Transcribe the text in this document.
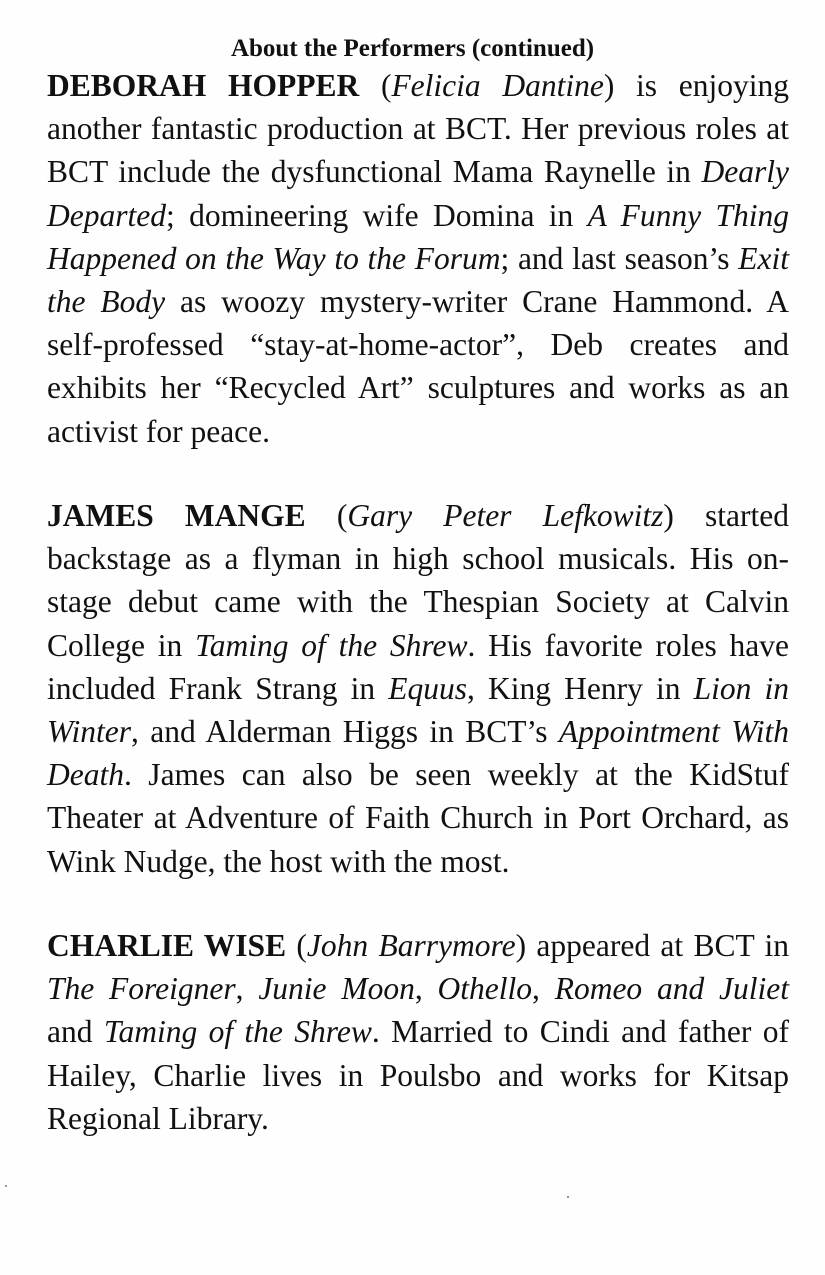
About the Performers (continued)

DEBORAH HOPPER (Felicia Dantine) is enjoying another fantastic production at BCT. Her previous roles at BCT include the dysfunctional Mama Raynelle in Dearly Departed; domineering wife Domina in A Funny Thing Happened on the Way to the Forum; and last season’s Exit the Body as woozy mystery-writer Crane Hammond. A self-professed “stay-at-home-actor”, Deb creates and exhibits her “Recycled Art” sculptures and works as an activist for peace.

JAMES MANGE (Gary Peter Lefkowitz) started backstage as a flyman in high school musicals. His on-stage debut came with the Thespian Society at Calvin College in Taming of the Shrew. His favorite roles have included Frank Strang in Equus, King Henry in Lion in Winter, and Alderman Higgs in BCT’s Appointment With Death. James can also be seen weekly at the KidStuf Theater at Adventure of Faith Church in Port Orchard, as Wink Nudge, the host with the most.

CHARLIE WISE (John Barrymore) appeared at BCT in The Foreigner, Junie Moon, Othello, Romeo and Juliet and Taming of the Shrew. Married to Cindi and father of Hailey, Charlie lives in Poulsbo and works for Kitsap Regional Library.
